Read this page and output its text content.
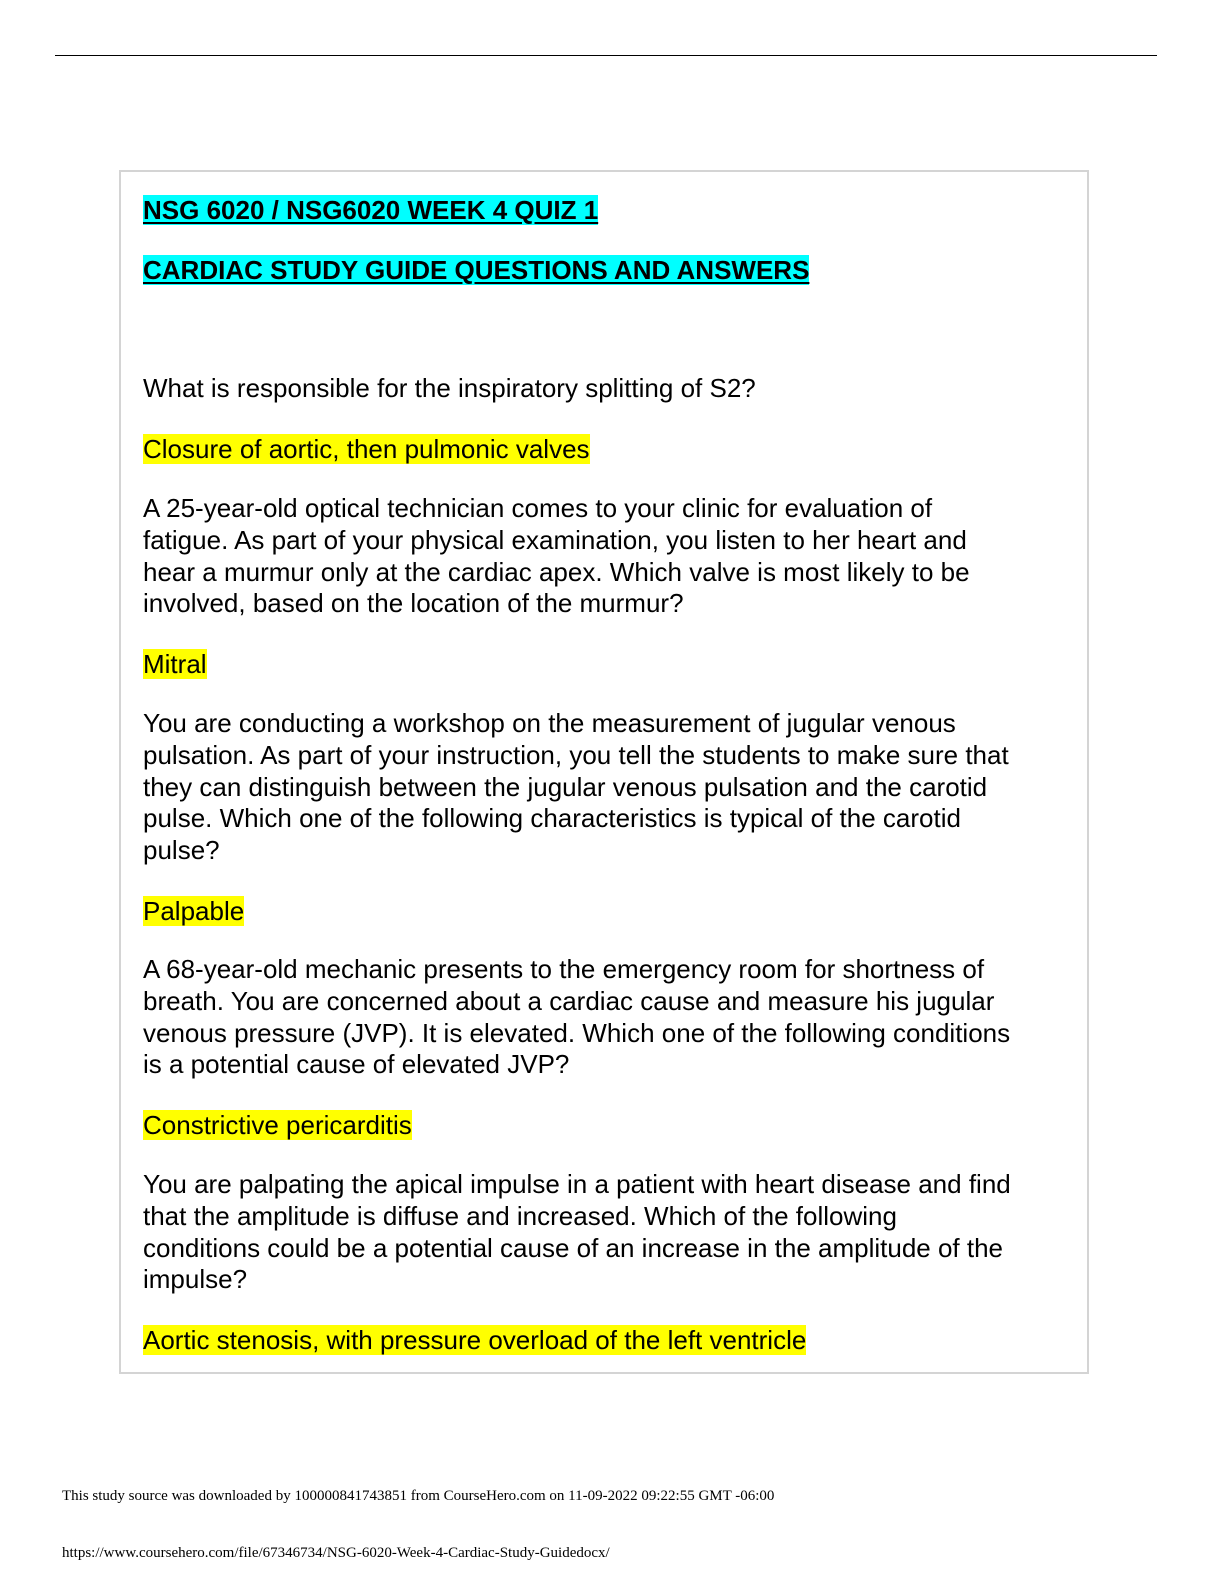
NSG 6020 / NSG6020 WEEK 4 QUIZ 1
CARDIAC STUDY GUIDE QUESTIONS AND ANSWERS
What is responsible for the inspiratory splitting of S2?
Closure of aortic, then pulmonic valves
A 25-year-old optical technician comes to your clinic for evaluation of
fatigue. As part of your physical examination, you listen to her heart and
hear a murmur only at the cardiac apex. Which valve is most likely to be
involved, based on the location of the murmur?
Mitral
You are conducting a workshop on the measurement of jugular venous
pulsation. As part of your instruction, you tell the students to make sure that
they can distinguish between the jugular venous pulsation and the carotid
pulse. Which one of the following characteristics is typical of the carotid
pulse?
Palpable
A 68-year-old mechanic presents to the emergency room for shortness of
breath. You are concerned about a cardiac cause and measure his jugular
venous pressure (JVP). It is elevated. Which one of the following conditions
is a potential cause of elevated JVP?
Constrictive pericarditis
You are palpating the apical impulse in a patient with heart disease and find
that the amplitude is diffuse and increased. Which of the following
conditions could be a potential cause of an increase in the amplitude of the
impulse?
Aortic stenosis, with pressure overload of the left ventricle
This study source was downloaded by 100000841743851 from CourseHero.com on 11-09-2022 09:22:55 GMT -06:00
https://www.coursehero.com/file/67346734/NSG-6020-Week-4-Cardiac-Study-Guidedocx/
